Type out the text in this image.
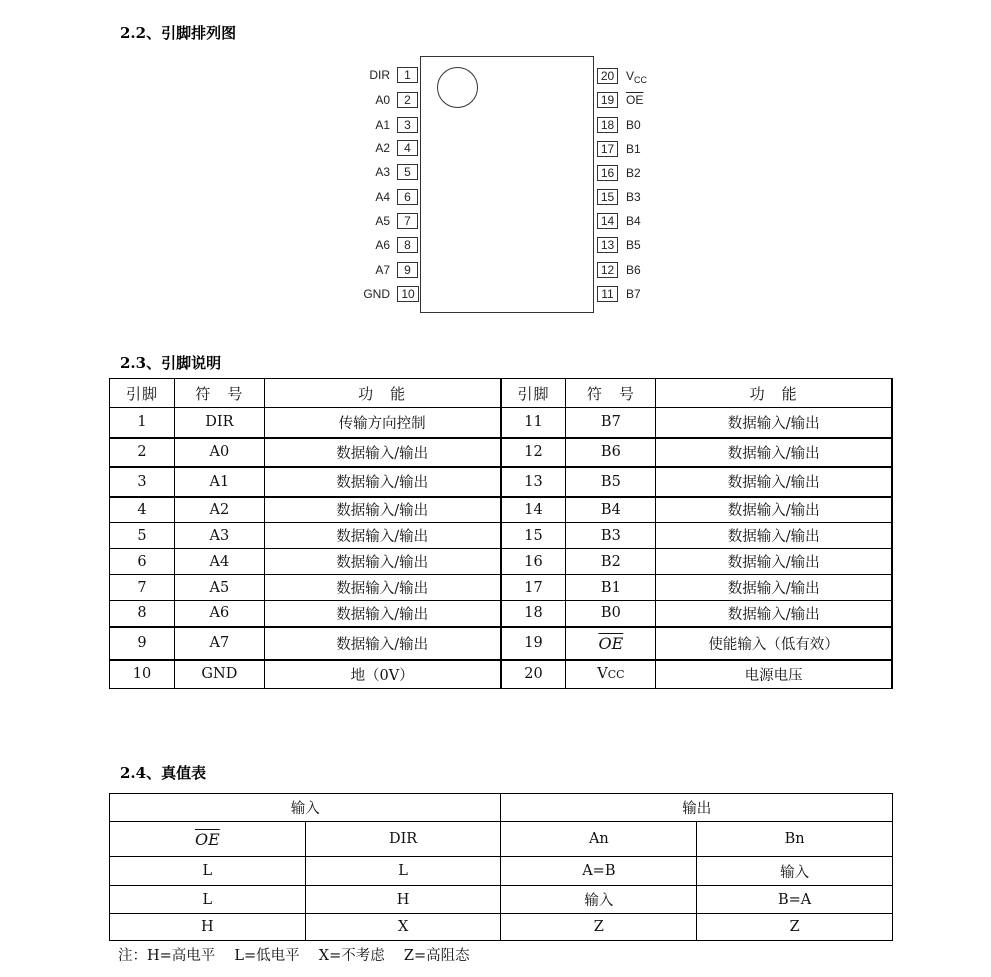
2.2、引脚排列图
DIR	1
A0	2
A1	3
A2	4
A3	5
A4	6
A5	7
A6	8
A7	9
GND 10
20 $V_{CC}$
19 $\overline{OE}$
18 B0
17 B1
16 B2
15 B3
14 B4
13 B5
12 B6
11	B7
2.3、引脚说明
引脚	符　号	功　能	引脚	符　号	功　能
1	DIR	传输方向控制	11	B7	数据输入/输出
2	A0	数据输入/输出	12	B6	数据输入/输出
3	A1	数据输入/输出	13	B5	数据输入/输出
4	A2	数据输入/输出	14	B4	数据输入/输出
5	A3	数据输入/输出	15	B3	数据输入/输出
6	A4	数据输入/输出	16	B2	数据输入/输出
7	A5	数据输入/输出	17	B1	数据输入/输出
8	A6	数据输入/输出	18	B0	数据输入/输出
9	A7	数据输入/输出	19	$\overline{OE}$	使能输入（低有效）
10	GND	地（0V）	20	VCC	电源电压
2.4、真值表
输入		输出	
$\overline{OE}$	DIR	An	Bn
L	L	A=B	输入
L	H	输入	B=A
H	X	Z	Z
注：H=高电平　 L=低电平　 X=不考虑　 Z=高阻态
